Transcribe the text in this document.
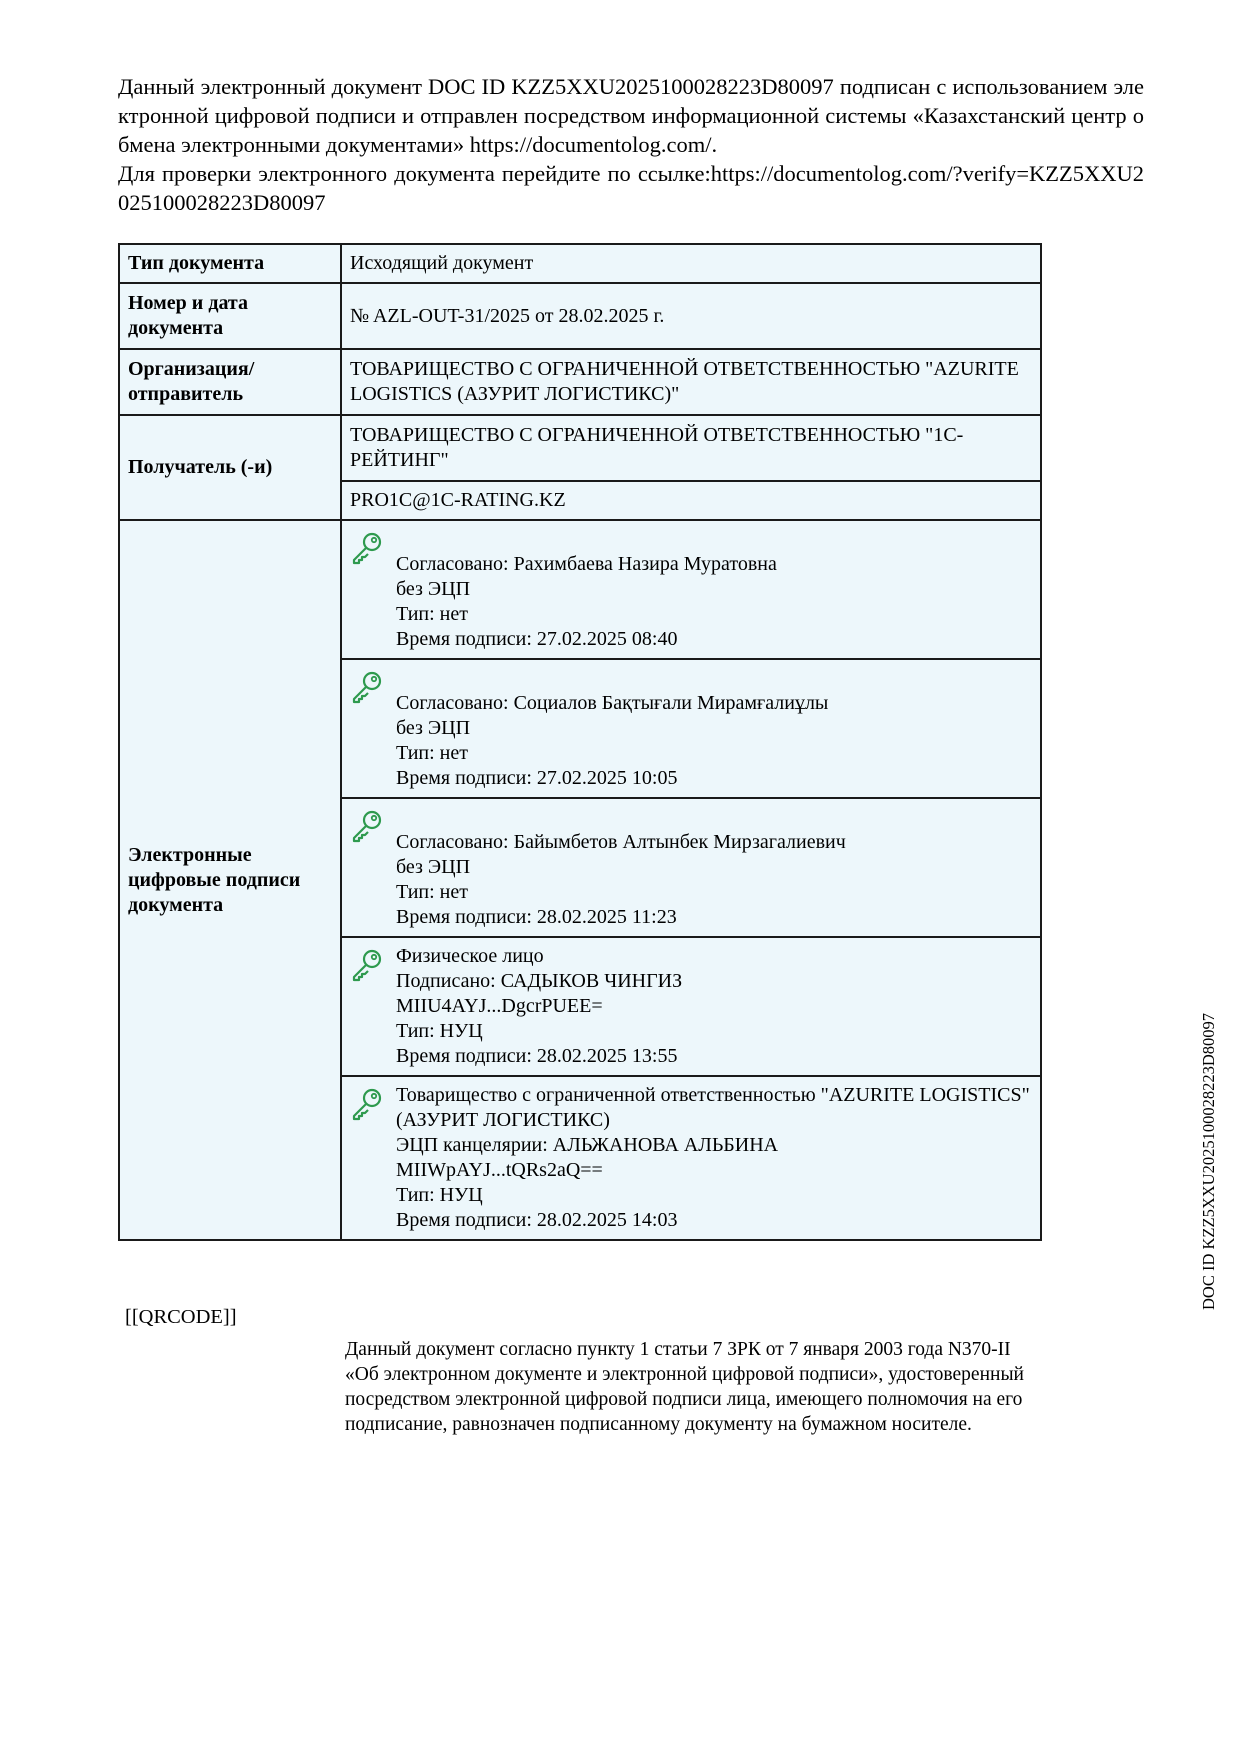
Данный электронный документ DOC ID KZZ5XXU2025100028223D80097 подписан с использованием электронной цифровой подписи и отправлен посредством информационной системы «Казахстанский центр обмена электронными документами» https://documentolog.com/.

Для проверки электронного документа перейдите по ссылке:https://documentolog.com/?verify=KZZ5XXU2025100028223D80097

Тип документа	Исходящий документ
Номер и дата документа	№ AZL-OUT-31/2025 от 28.02.2025 г.
Организация/ отправитель	ТОВАРИЩЕСТВО С ОГРАНИЧЕННОЙ ОТВЕТСТВЕННОСТЬЮ "AZURITE LOGISTICS (АЗУРИТ ЛОГИСТИКС)"
Получатель (-и)	ТОВАРИЩЕСТВО С ОГРАНИЧЕННОЙ ОТВЕТСТВЕННОСТЬЮ "1С-РЕЙТИНГ"
	PRO1C@1C-RATING.KZ
Электронные цифровые подписи документа	Согласовано: Рахимбаева Назира Муратовна
без ЭЦП
Тип: нет
Время подписи: 27.02.2025 08:40

	Согласовано: Социалов Бақтығали Мирамғалиұлы
без ЭЦП
Тип: нет
Время подписи: 27.02.2025 10:05

	Согласовано: Байымбетов Алтынбек Мирзагалиевич
без ЭЦП
Тип: нет
Время подписи: 28.02.2025 11:23

	Физическое лицо
Подписано: САДЫКОВ ЧИНГИЗ
MIIU4AYJ...DgcrPUEE=
Тип: НУЦ
Время подписи: 28.02.2025 13:55

	Товарищество с ограниченной ответственностью "AZURITE LOGISTICS" (АЗУРИТ ЛОГИСТИКС)
ЭЦП канцелярии: АЛЬЖАНОВА АЛЬБИНА
MIIWpAYJ...tQRs2aQ==
Тип: НУЦ
Время подписи: 28.02.2025 14:03
[[QRCODE]]

Данный документ согласно пункту 1 статьи 7 ЗРК от 7 января 2003 года N370-II «Об электронном документе и электронной цифровой подписи», удостоверенный посредством электронной цифровой подписи лица, имеющего полномочия на его подписание, равнозначен подписанному документу на бумажном носителе.

DOC ID KZZ5XXU2025100028223D80097
